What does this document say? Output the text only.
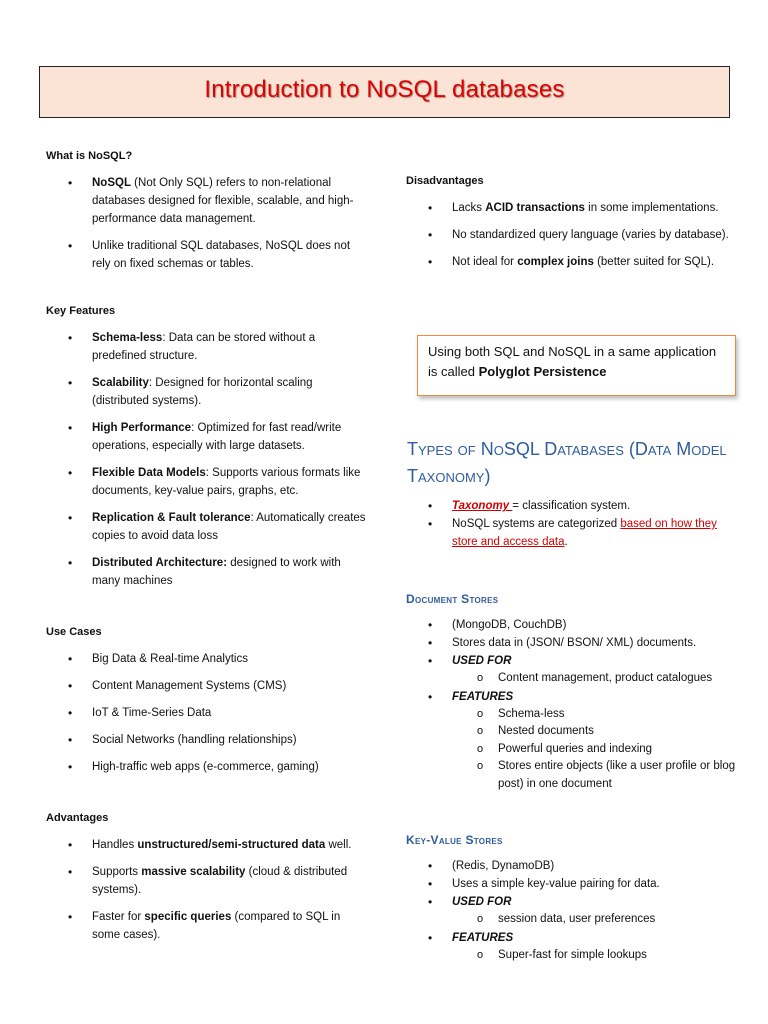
Introduction to NoSQL databases

What is NoSQL?

• NoSQL (Not Only SQL) refers to non-relational databases designed for flexible, scalable, and high-performance data management.
• Unlike traditional SQL databases, NoSQL does not rely on fixed schemas or tables.

Key Features

• Schema-less: Data can be stored without a predefined structure.
• Scalability: Designed for horizontal scaling (distributed systems).
• High Performance: Optimized for fast read/write operations, especially with large datasets.
• Flexible Data Models: Supports various formats like documents, key-value pairs, graphs, etc.
• Replication & Fault tolerance: Automatically creates copies to avoid data loss
• Distributed Architecture: designed to work with many machines

Use Cases

• Big Data & Real-time Analytics
• Content Management Systems (CMS)
• IoT & Time-Series Data
• Social Networks (handling relationships)
• High-traffic web apps (e-commerce, gaming)

Advantages

• Handles unstructured/semi-structured data well.
• Supports massive scalability (cloud & distributed systems).
• Faster for specific queries (compared to SQL in some cases).

Disadvantages

• Lacks ACID transactions in some implementations.
• No standardized query language (varies by database).
• Not ideal for complex joins (better suited for SQL).
Using both SQL and NoSQL in a same application is called Polyglot Persistence
Types of NoSQL Databases (Data Model Taxonomy)
• Taxonomy = classification system.
• NoSQL systems are categorized based on how they store and access data.
Document Stores
• (MongoDB, CouchDB)
• Stores data in (JSON/ BSON/ XML) documents.
• USED FOR
o Content management, product catalogues
• FEATURES
o Schema-less
o Nested documents
o Powerful queries and indexing
o Stores entire objects (like a user profile or blog post) in one document
Key-Value Stores
• (Redis, DynamoDB)
• Uses a simple key-value pairing for data.
• USED FOR
o session data, user preferences
• FEATURES
o Super-fast for simple lookups
